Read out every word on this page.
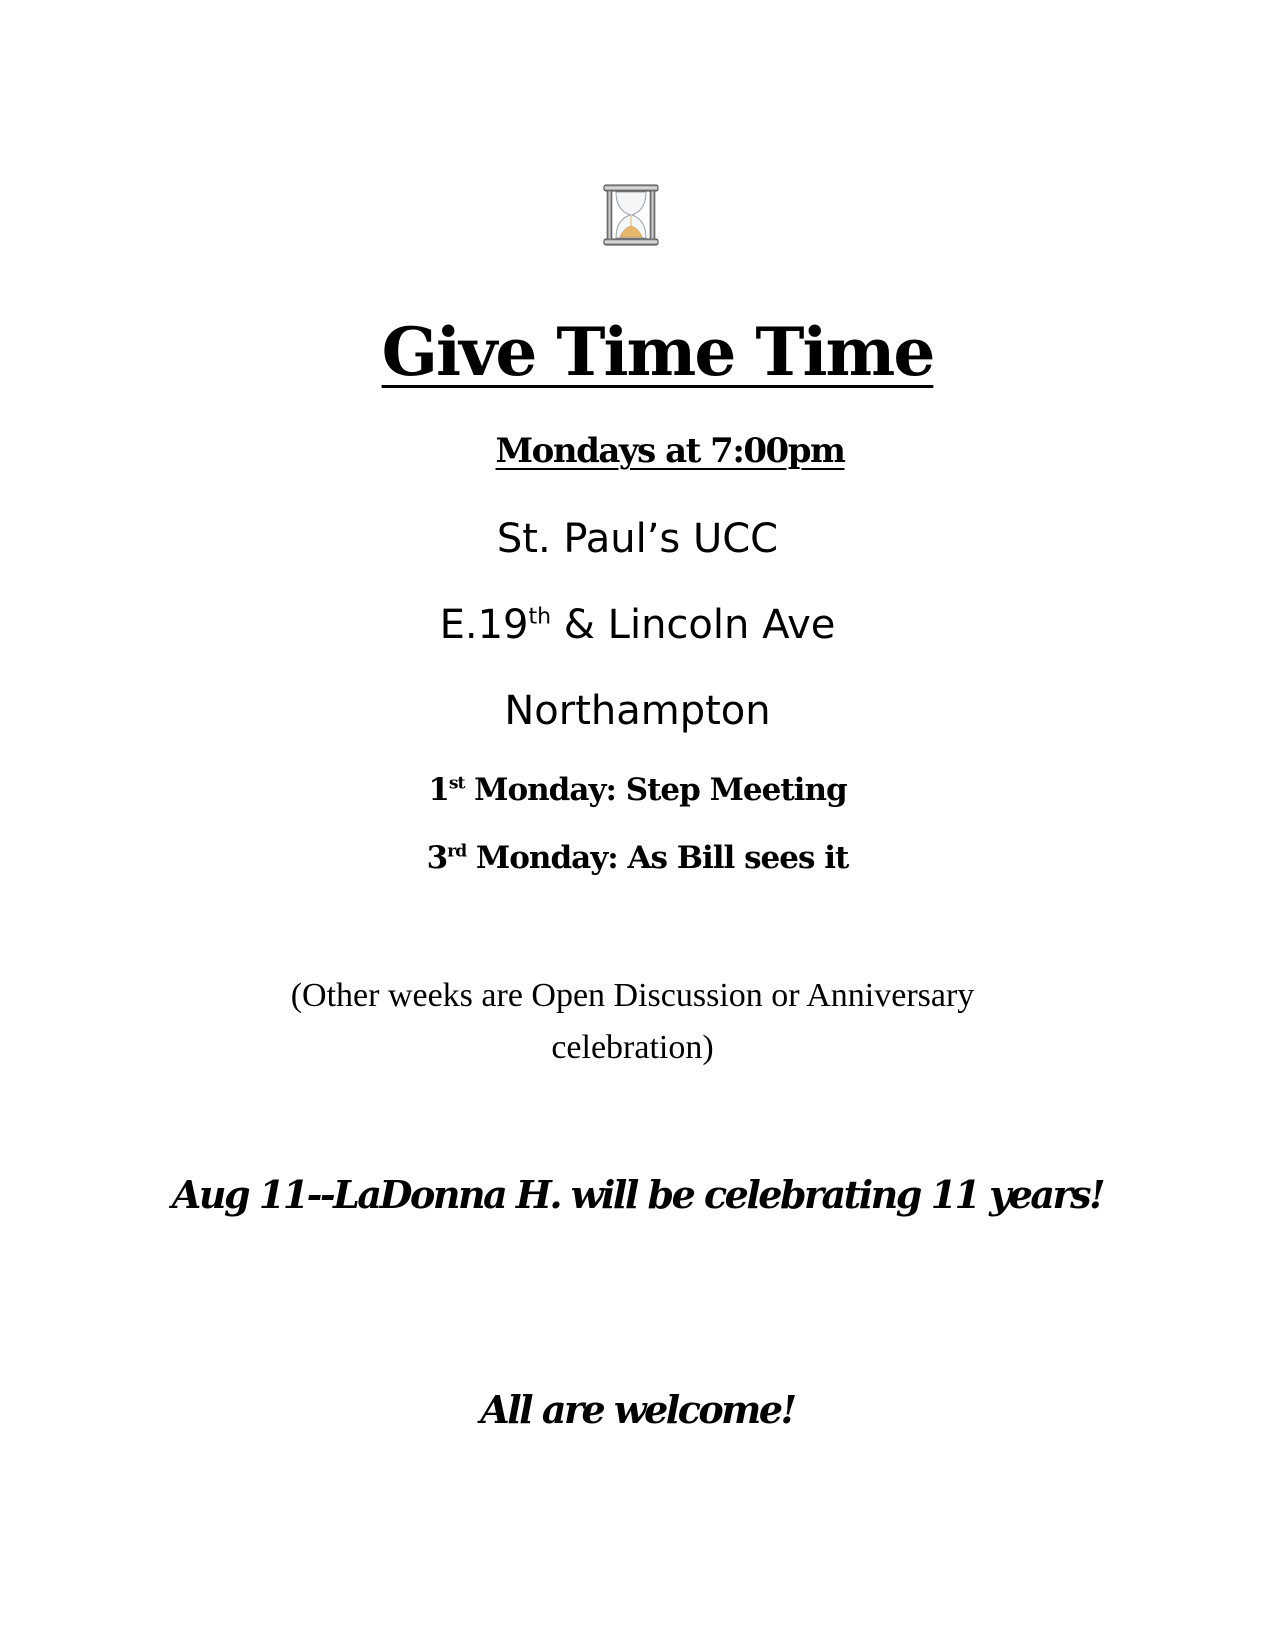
Give Time Time
Mondays at 7:00pm
St. Paul’s UCC
E.19th & Lincoln Ave
Northampton
1st Monday: Step Meeting
3rd Monday: As Bill sees it
(Other weeks are Open Discussion or Anniversary celebration)
Aug 11--LaDonna H. will be celebrating 11 years!
All are welcome!
